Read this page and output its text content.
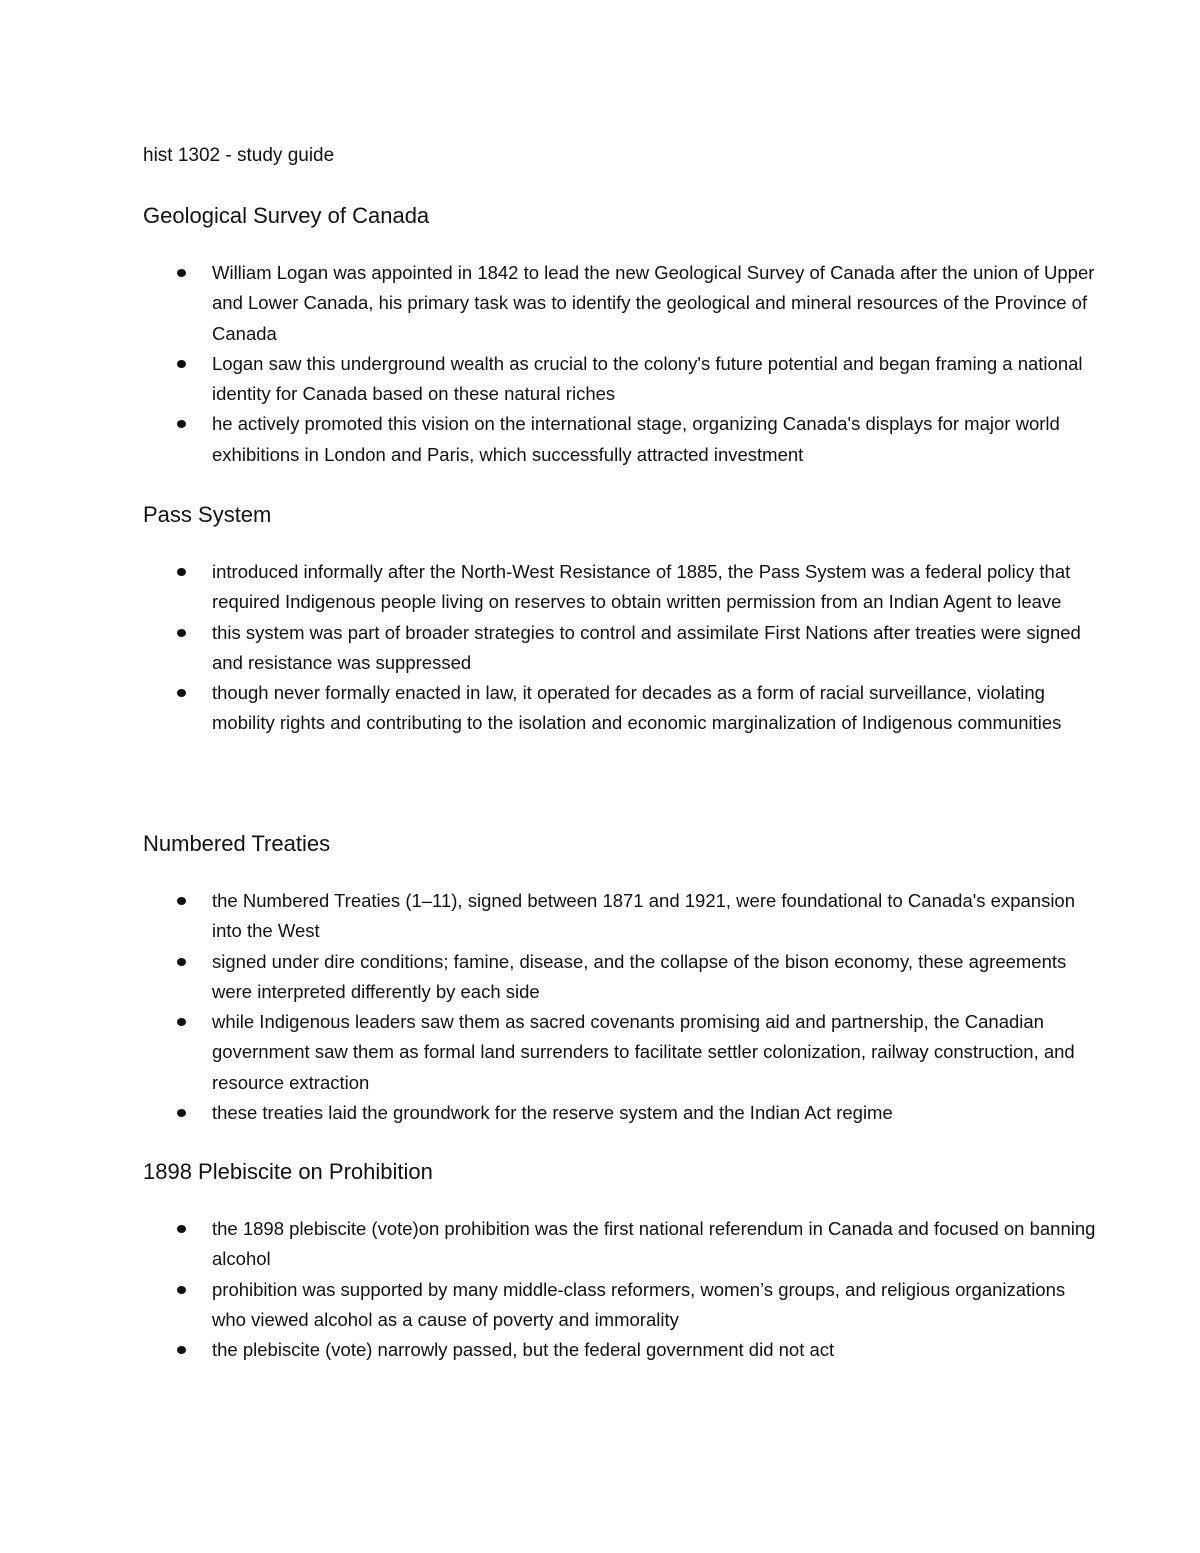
hist 1302 - study guide

Geological Survey of Canada
William Logan was appointed in 1842 to lead the new Geological Survey of Canada after the union of Upper and Lower Canada, his primary task was to identify the geological and mineral resources of the Province of Canada
Logan saw this underground wealth as crucial to the colony's future potential and began framing a national identity for Canada based on these natural riches
he actively promoted this vision on the international stage, organizing Canada's displays for major world exhibitions in London and Paris, which successfully attracted investment
Pass System
introduced informally after the North-West Resistance of 1885, the Pass System was a federal policy that required Indigenous people living on reserves to obtain written permission from an Indian Agent to leave
this system was part of broader strategies to control and assimilate First Nations after treaties were signed and resistance was suppressed
though never formally enacted in law, it operated for decades as a form of racial surveillance, violating mobility rights and contributing to the isolation and economic marginalization of Indigenous communities
Numbered Treaties
the Numbered Treaties (1–11), signed between 1871 and 1921, were foundational to Canada's expansion into the West
signed under dire conditions; famine, disease, and the collapse of the bison economy, these agreements were interpreted differently by each side
while Indigenous leaders saw them as sacred covenants promising aid and partnership, the Canadian government saw them as formal land surrenders to facilitate settler colonization, railway construction, and resource extraction
these treaties laid the groundwork for the reserve system and the Indian Act regime
1898 Plebiscite on Prohibition
the 1898 plebiscite (vote)on prohibition was the first national referendum in Canada and focused on banning alcohol
prohibition was supported by many middle-class reformers, women’s groups, and religious organizations who viewed alcohol as a cause of poverty and immorality
the plebiscite (vote) narrowly passed, but the federal government did not act
